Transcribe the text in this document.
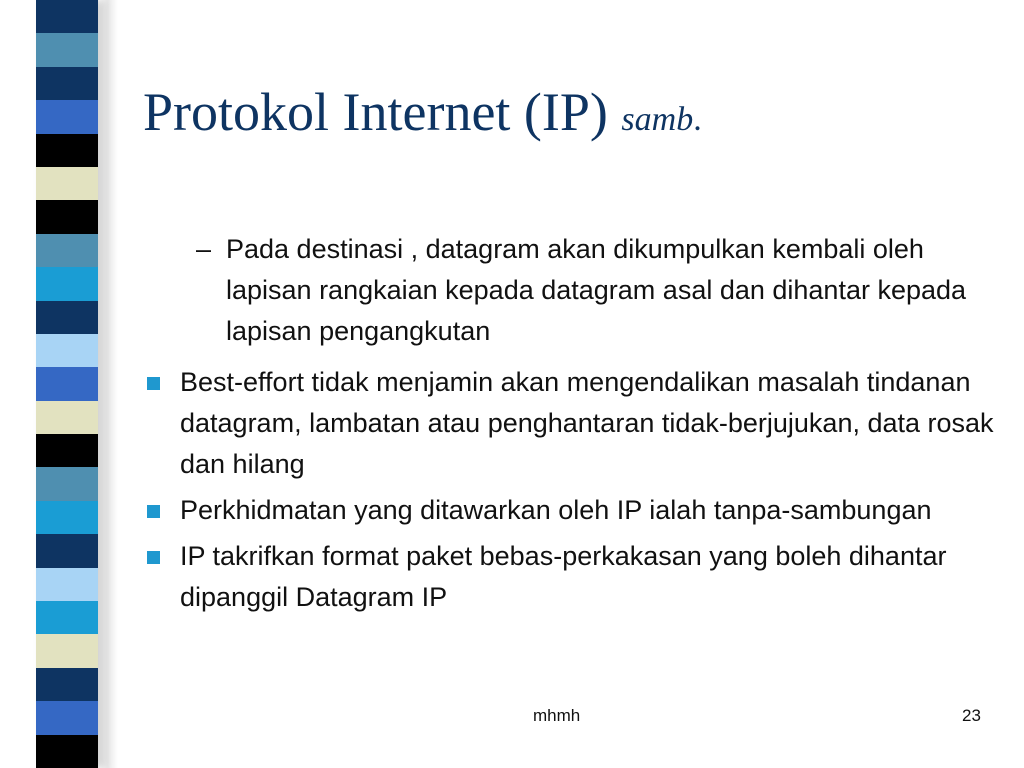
Protokol Internet (IP) samb.
– Pada destinasi , datagram akan dikumpulkan kembali oleh lapisan rangkaian kepada datagram asal dan dihantar kepada lapisan pengangkutan
Best-effort tidak menjamin akan mengendalikan masalah tindanan datagram, lambatan atau penghantaran tidak-berjujukan, data rosak dan hilang
Perkhidmatan yang ditawarkan oleh IP ialah tanpa-sambungan
IP takrifkan format paket bebas-perkakasan yang boleh dihantar dipanggil Datagram IP
mhmh	23
